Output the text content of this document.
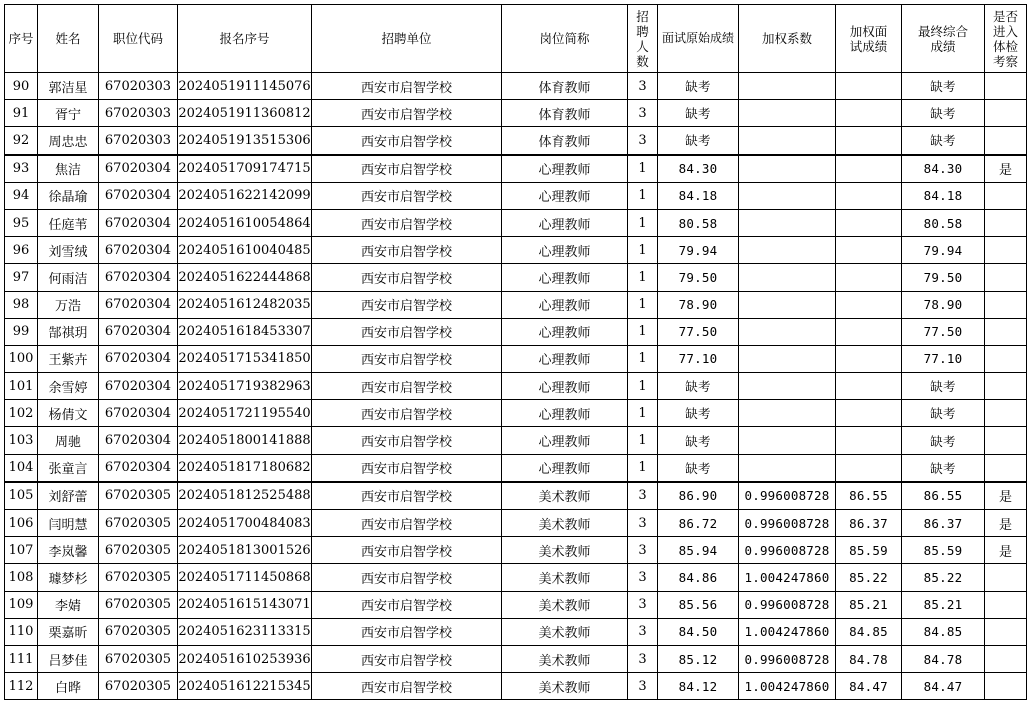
序号	姓名	职位代码	报名序号	招聘单位	岗位简称	招聘人数	面试原始成绩	加权系数	加权面试成绩	最终综合成绩	是否进入体检考察
90	郭洁星	67020303	2024051911145076	西安市启智学校	体育教师	3	缺考			缺考	
91	胥宁	67020303	2024051911360812	西安市启智学校	体育教师	3	缺考			缺考	
92	周忠忠	67020303	2024051913515306	西安市启智学校	体育教师	3	缺考			缺考	
93	焦洁	67020304	2024051709174715	西安市启智学校	心理教师	1	84.30			84.30	是
94	徐晶瑜	67020304	2024051622142099	西安市启智学校	心理教师	1	84.18			84.18	
95	任庭苇	67020304	2024051610054864	西安市启智学校	心理教师	1	80.58			80.58	
96	刘雪绒	67020304	2024051610040485	西安市启智学校	心理教师	1	79.94			79.94	
97	何雨洁	67020304	2024051622444868	西安市启智学校	心理教师	1	79.50			79.50	
98	万浩	67020304	2024051612482035	西安市启智学校	心理教师	1	78.90			78.90	
99	郜祺玥	67020304	2024051618453307	西安市启智学校	心理教师	1	77.50			77.50	
100	王紫卉	67020304	2024051715341850	西安市启智学校	心理教师	1	77.10			77.10	
101	余雪婷	67020304	2024051719382963	西安市启智学校	心理教师	1	缺考			缺考	
102	杨倩文	67020304	2024051721195540	西安市启智学校	心理教师	1	缺考			缺考	
103	周驰	67020304	2024051800141888	西安市启智学校	心理教师	1	缺考			缺考	
104	张童言	67020304	2024051817180682	西安市启智学校	心理教师	1	缺考			缺考	
105	刘舒蕾	67020305	2024051812525488	西安市启智学校	美术教师	3	86.90	0.996008728	86.55	86.55	是
106	闫明慧	67020305	2024051700484083	西安市启智学校	美术教师	3	86.72	0.996008728	86.37	86.37	是
107	李岚馨	67020305	2024051813001526	西安市启智学校	美术教师	3	85.94	0.996008728	85.59	85.59	是
108	璩梦杉	67020305	2024051711450868	西安市启智学校	美术教师	3	84.86	1.004247860	85.22	85.22	
109	李婧	67020305	2024051615143071	西安市启智学校	美术教师	3	85.56	0.996008728	85.21	85.21	
110	栗嘉昕	67020305	2024051623113315	西安市启智学校	美术教师	3	84.50	1.004247860	84.85	84.85	
111	吕梦佳	67020305	2024051610253936	西安市启智学校	美术教师	3	85.12	0.996008728	84.78	84.78	
112	白晔	67020305	2024051612215345	西安市启智学校	美术教师	3	84.12	1.004247860	84.47	84.47	
